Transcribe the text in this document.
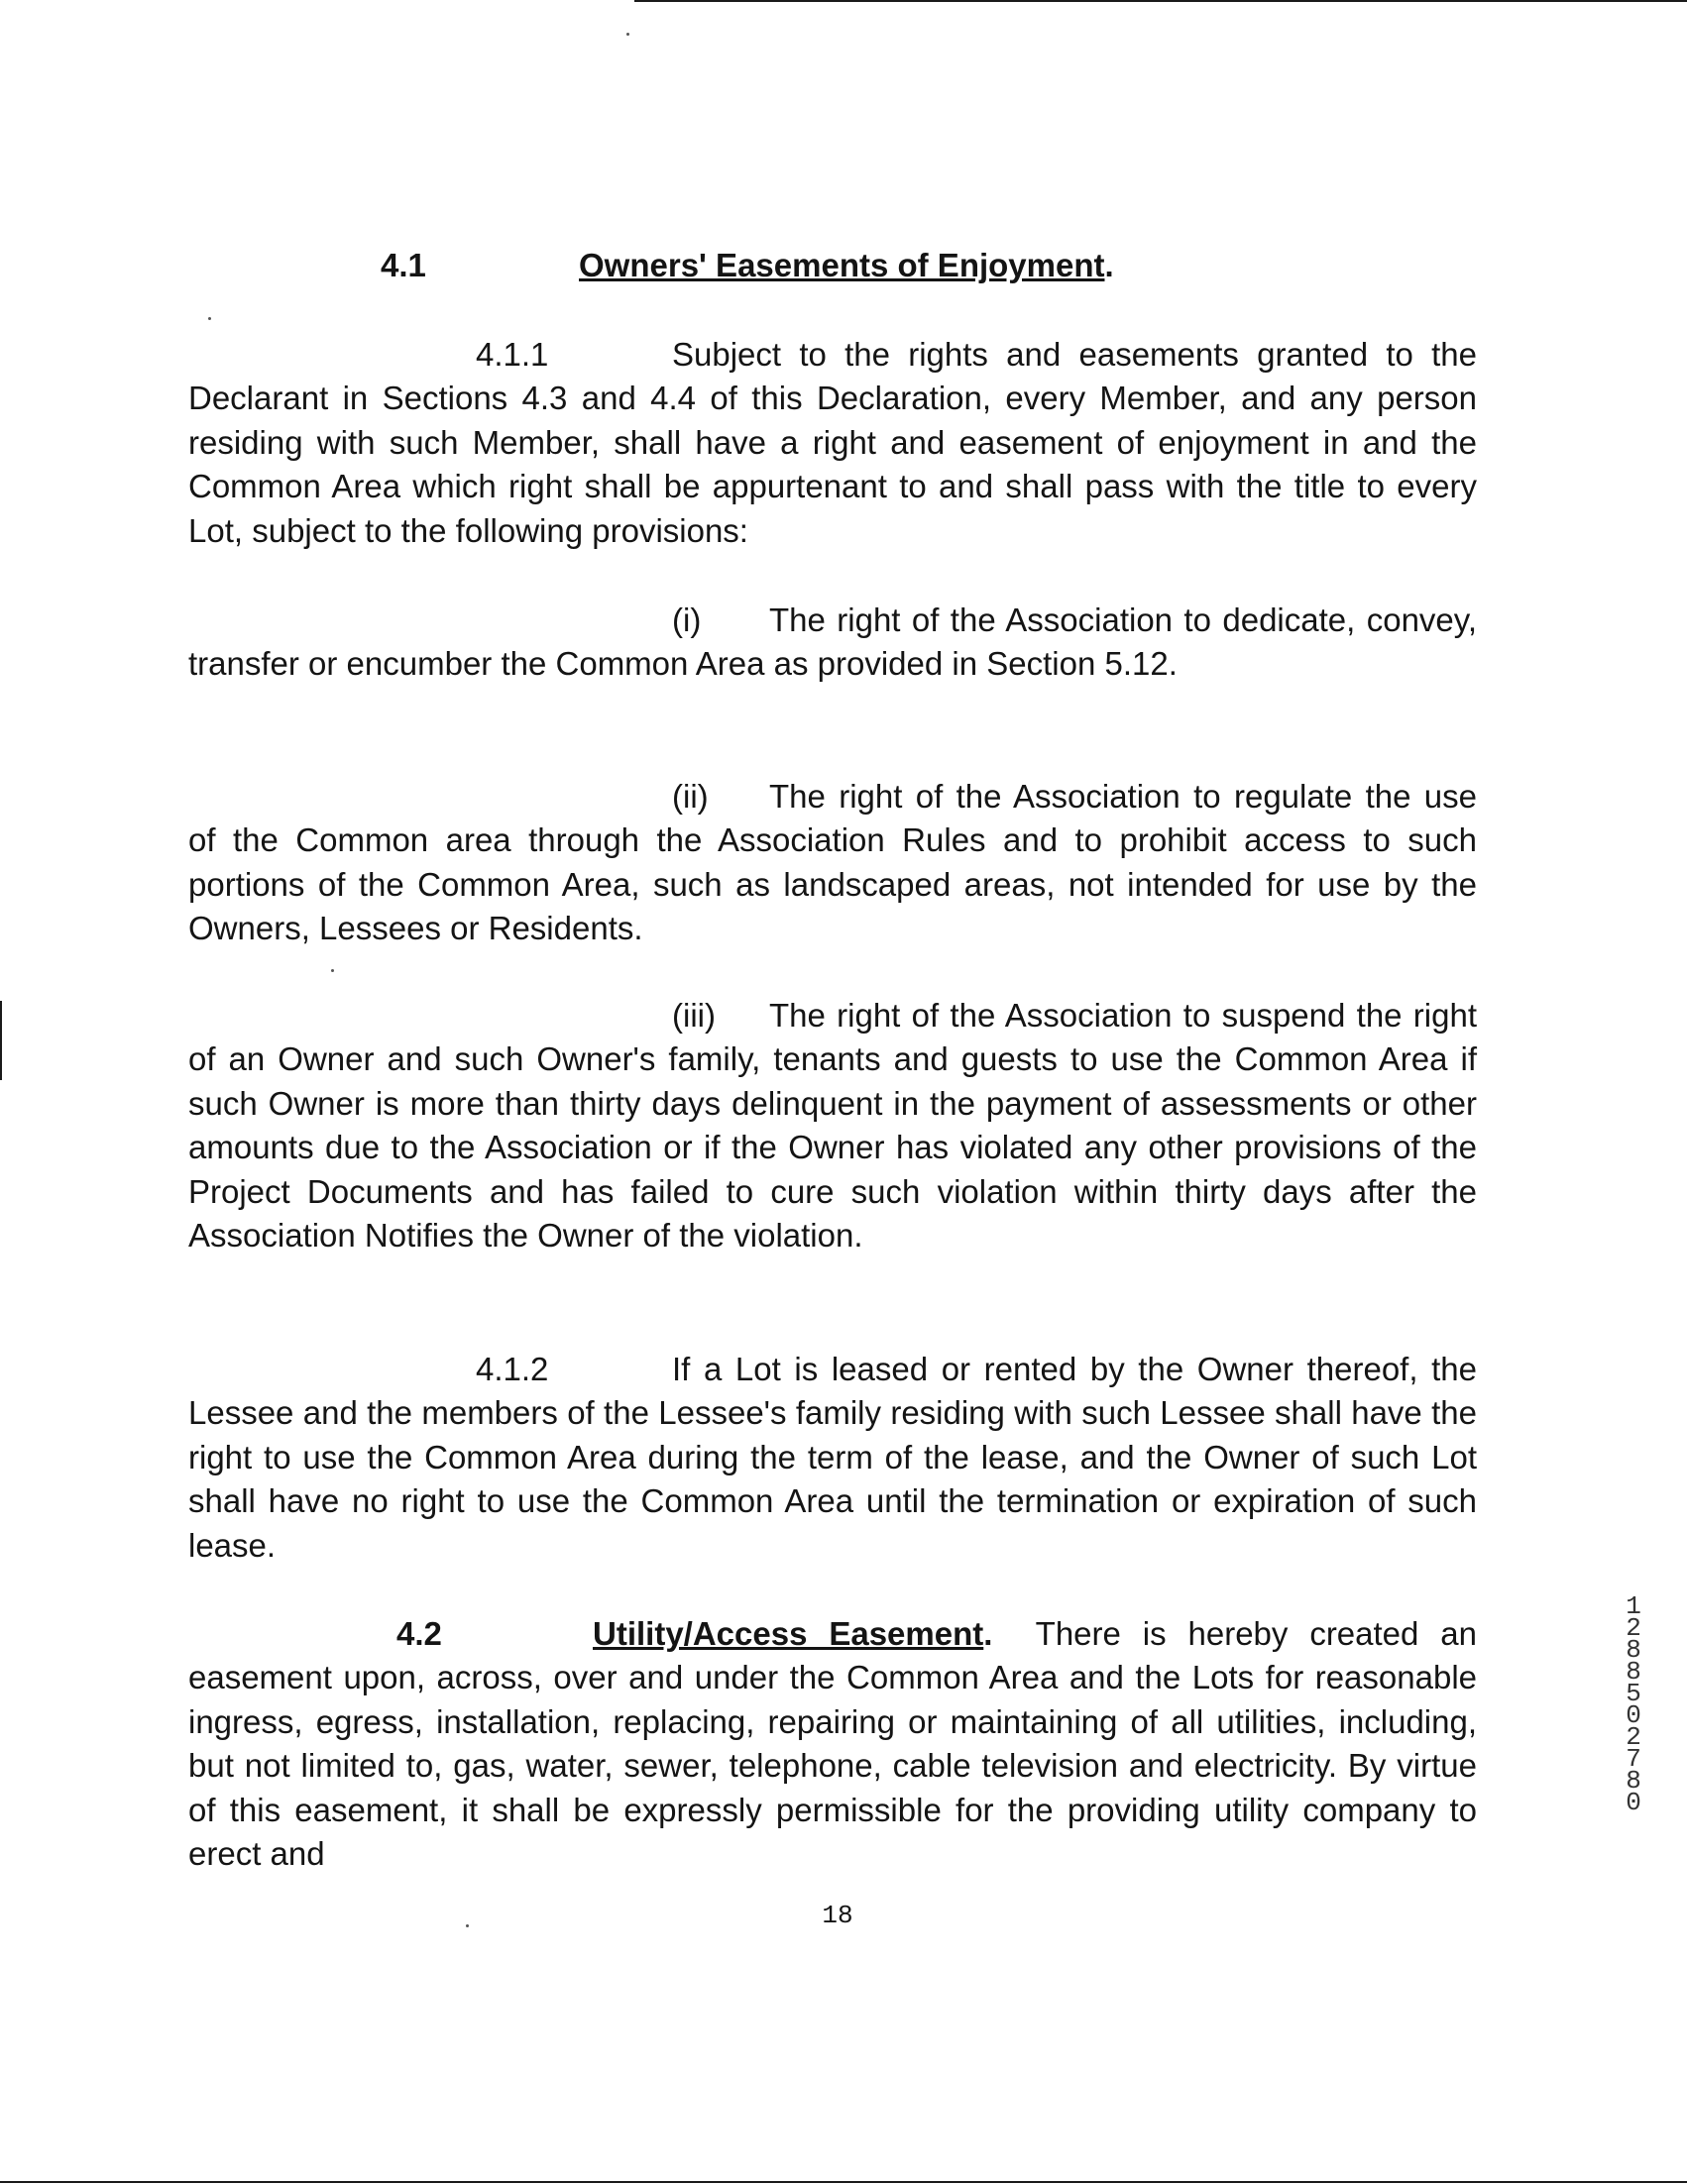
4.1	Owners' Easements of Enjoyment.
4.1.1	Subject to the rights and easements granted to the Declarant in Sections 4.3 and 4.4 of this Declaration, every Member, and any person residing with such Member, shall have a right and easement of enjoyment in and the Common Area which right shall be appurtenant to and shall pass with the title to every Lot, subject to the following provisions:
(i) The right of the Association to dedicate, convey, transfer or encumber the Common Area as provided in Section 5.12.
(ii) The right of the Association to regulate the use of the Common area through the Association Rules and to prohibit access to such portions of the Common Area, such as landscaped areas, not intended for use by the Owners, Lessees or Residents.
(iii) The right of the Association to suspend the right of an Owner and such Owner's family, tenants and guests to use the Common Area if such Owner is more than thirty days delinquent in the payment of assessments or other amounts due to the Association or if the Owner has violated any other provisions of the Project Documents and has failed to cure such violation within thirty days after the Association Notifies the Owner of the violation.
4.1.2	If a Lot is leased or rented by the Owner thereof, the Lessee and the members of the Lessee's family residing with such Lessee shall have the right to use the Common Area during the term of the lease, and the Owner of such Lot shall have no right to use the Common Area until the termination or expiration of such lease.
4.2	Utility/Access Easement. There is hereby created an easement upon, across, over and under the Common Area and the Lots for reasonable ingress, egress, installation, replacing, repairing or maintaining of all utilities, including, but not limited to, gas, water, sewer, telephone, cable television and electricity. By virtue of this easement, it shall be expressly permissible for the providing utility company to erect and
18
1
2
8
8
5
0
2
7
8
0
